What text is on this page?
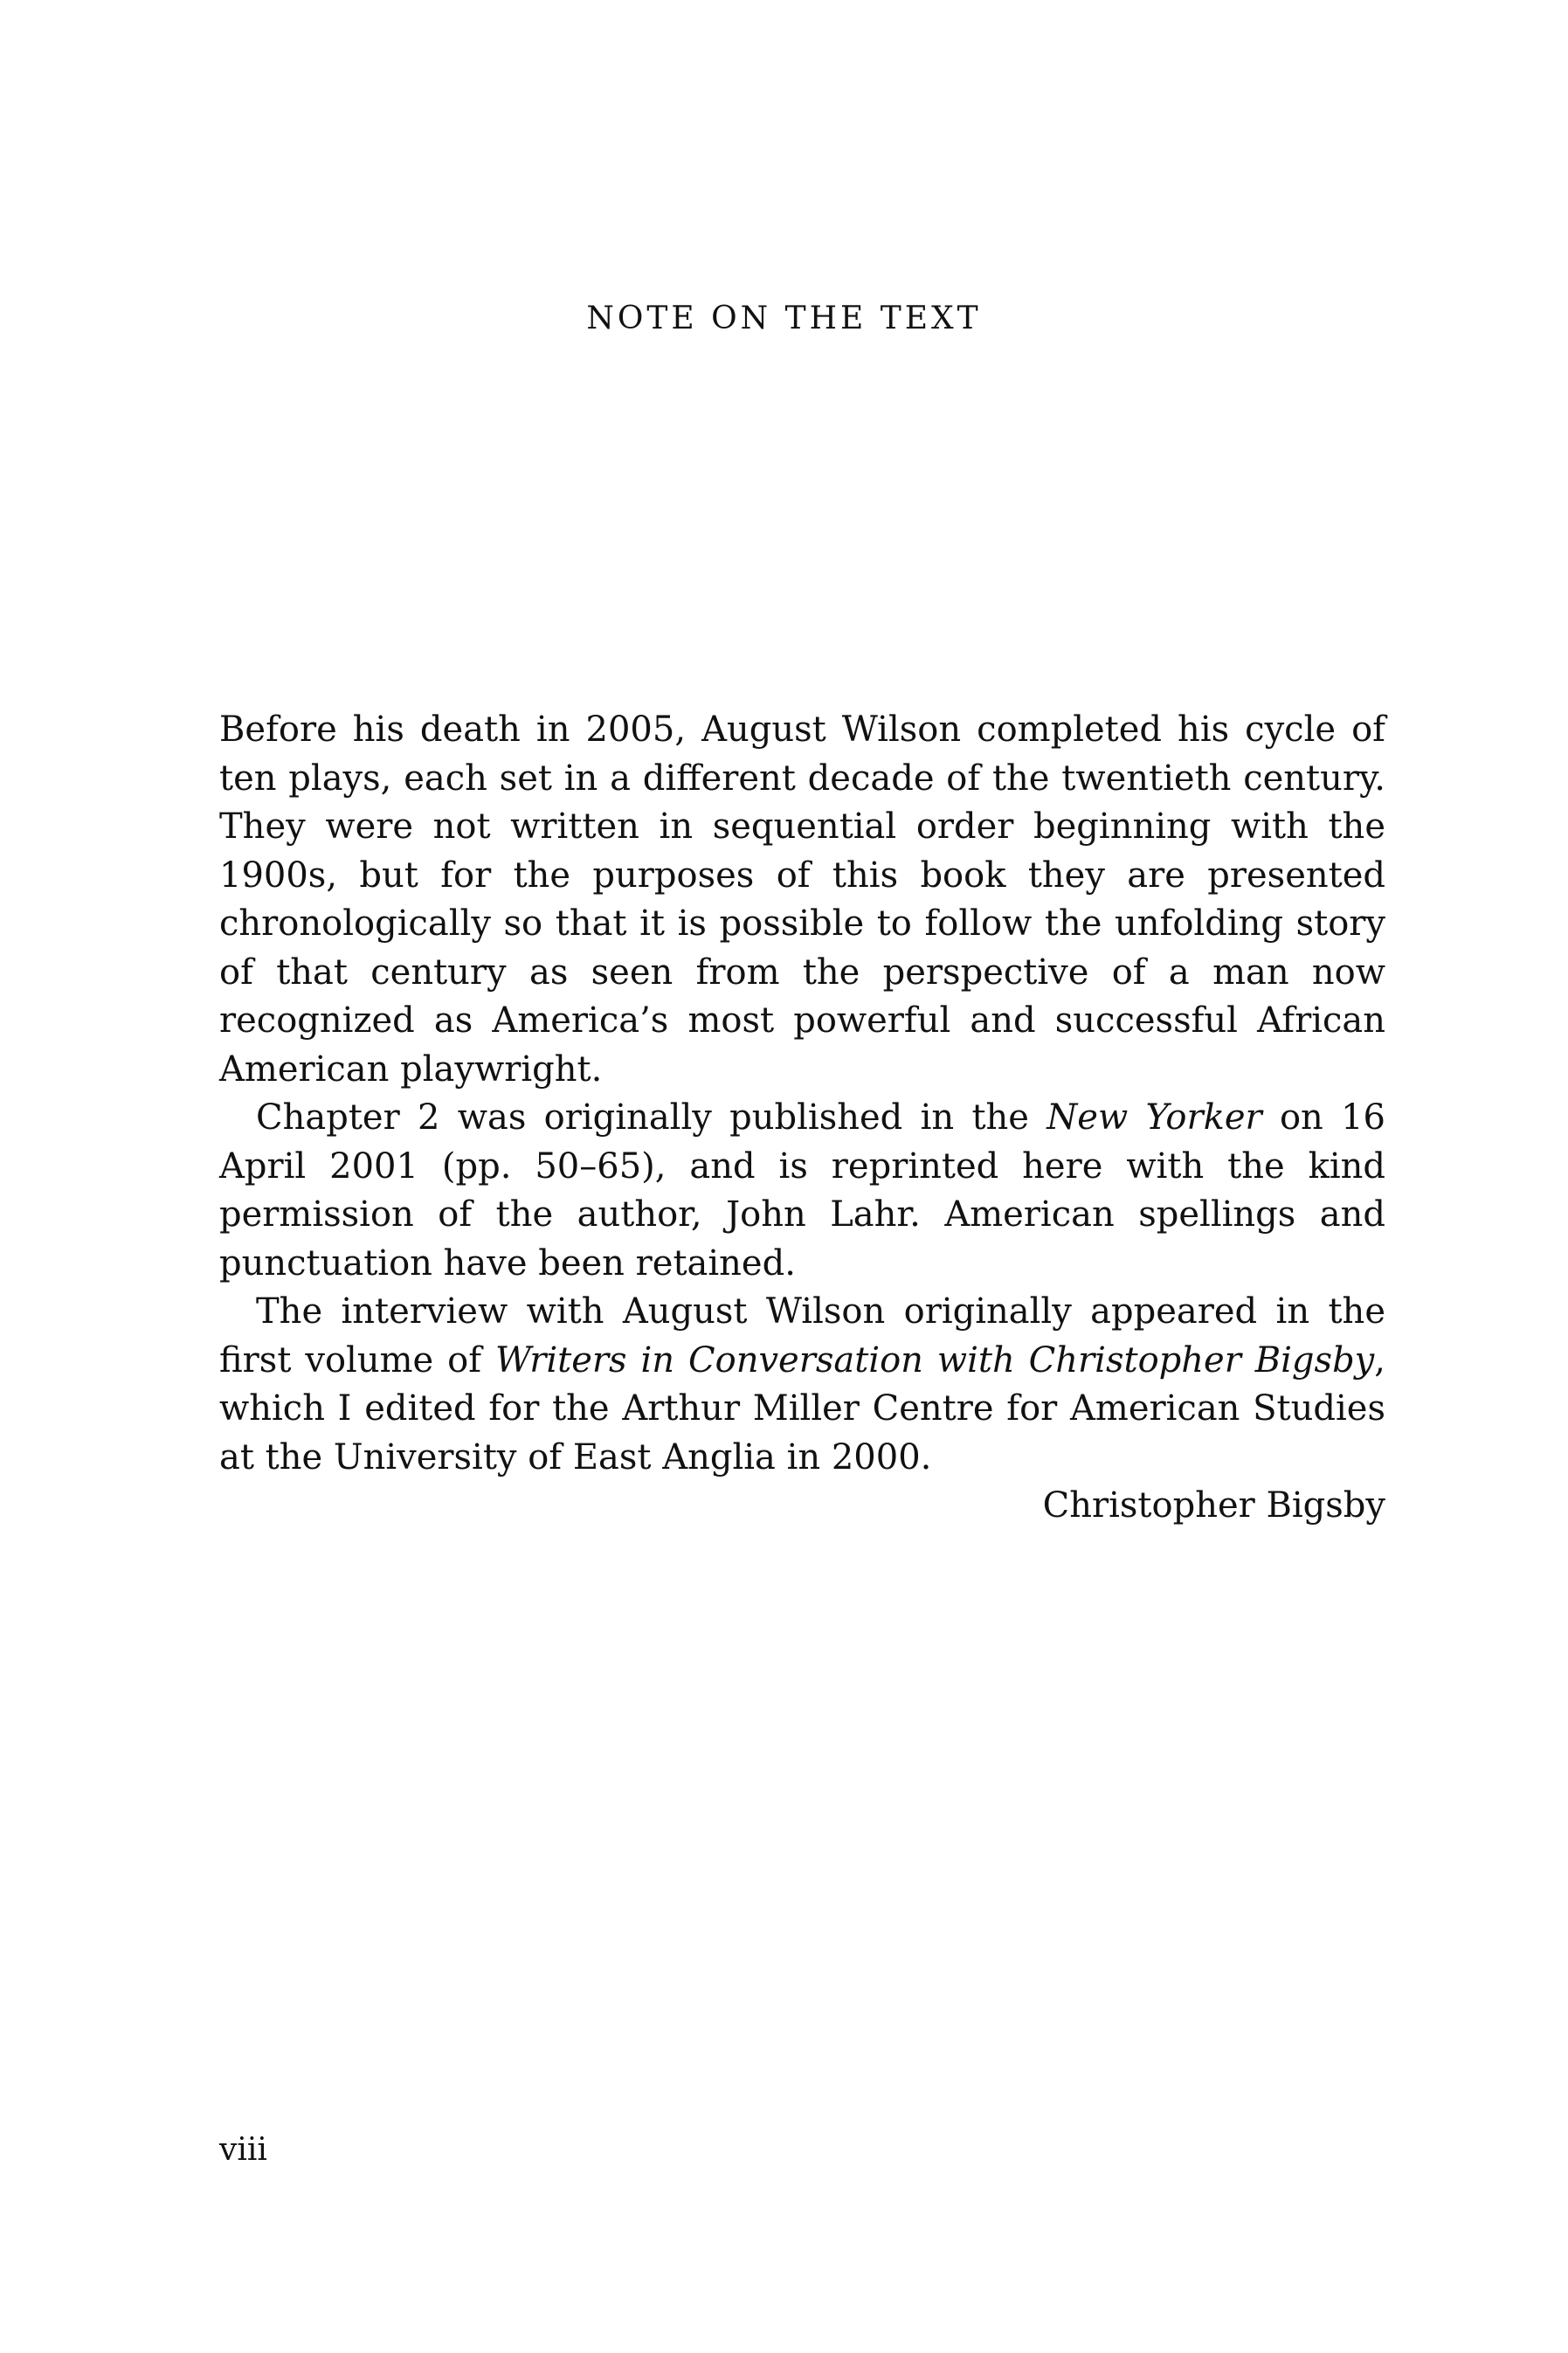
NOTE ON THE TEXT

Before his death in 2005, August Wilson completed his cycle of ten plays, each set in a different decade of the twentieth century. They were not written in sequential order beginning with the 1900s, but for the purposes of this book they are presented chronologically so that it is possible to follow the unfolding story of that century as seen from the perspective of a man now recognized as America’s most powerful and successful African American playwright.

Chapter 2 was originally published in the New Yorker on 16 April 2001 (pp. 50–65), and is reprinted here with the kind permission of the author, John Lahr. American spellings and punctuation have been retained.

The interview with August Wilson originally appeared in the first volume of Writers in Conversation with Christopher Bigsby, which I edited for the Arthur Miller Centre for American Studies at the University of East Anglia in 2000.

Christopher Bigsby

viii
